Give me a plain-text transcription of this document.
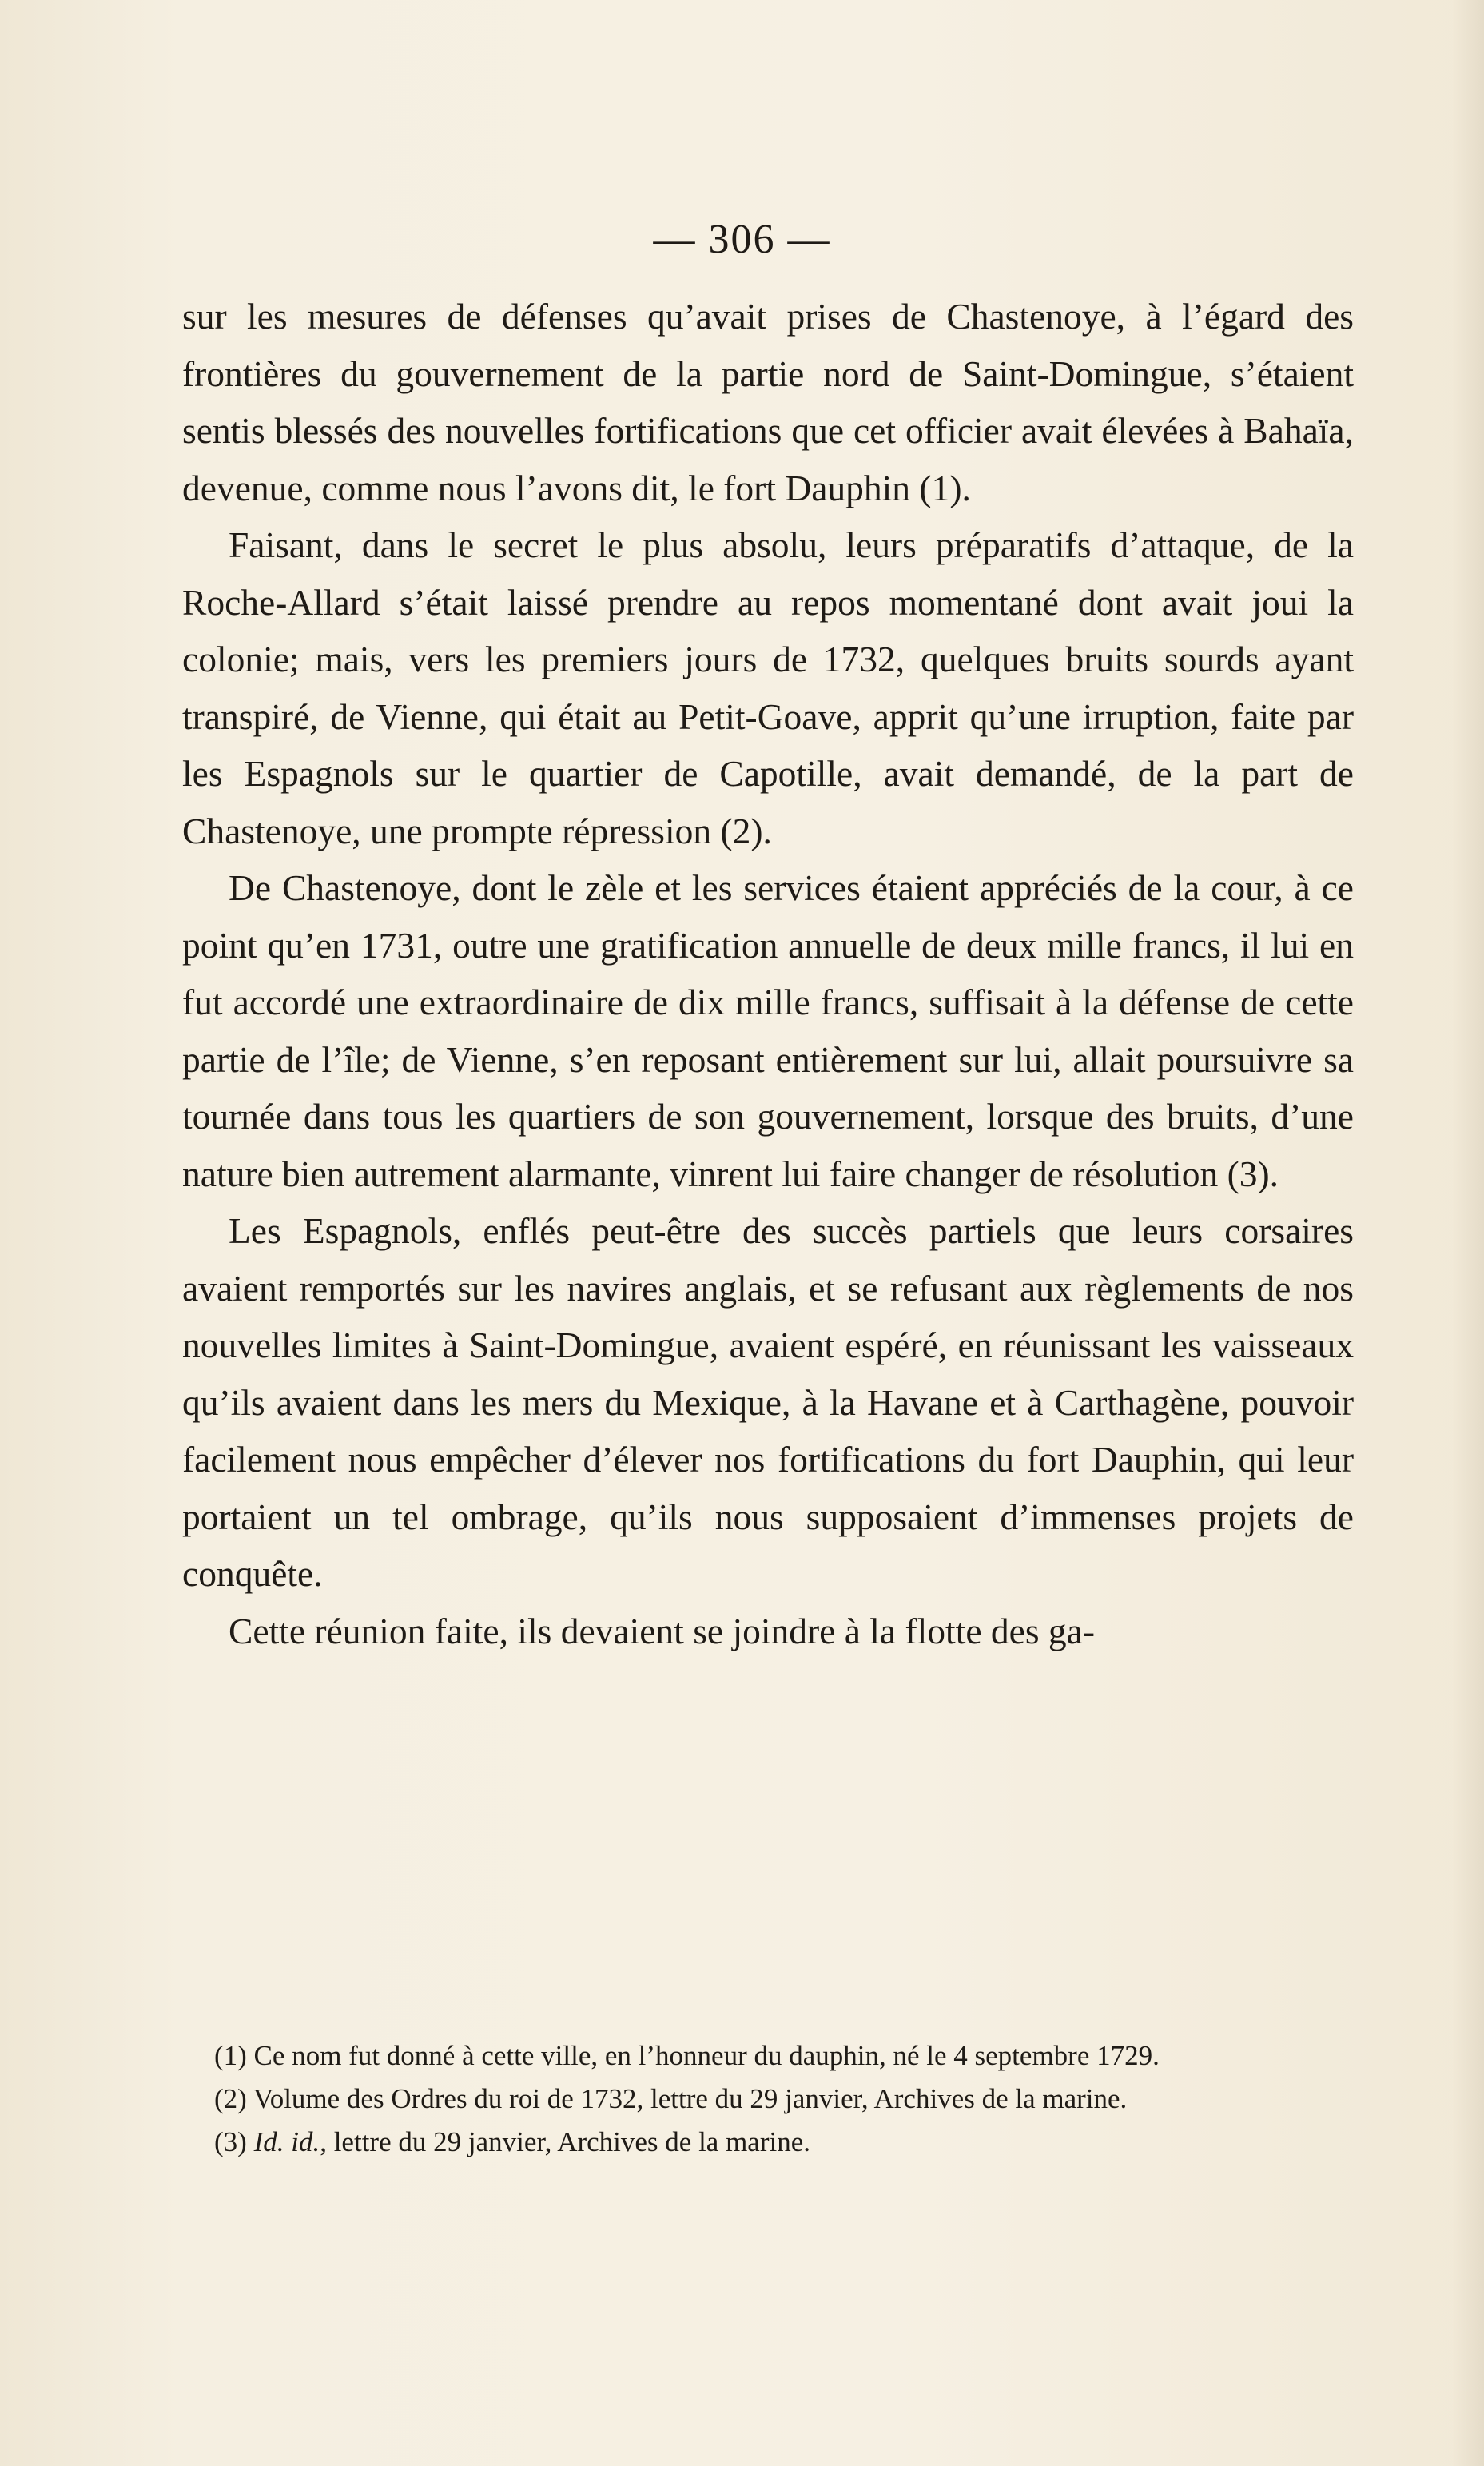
— 306 —

sur les mesures de défenses qu’avait prises de Chastenoye, à l’égard des frontières du gouvernement de la partie nord de Saint-Domingue, s’étaient sentis blessés des nouvelles fortifications que cet officier avait élevées à Bahaïa, devenue, comme nous l’avons dit, le fort Dauphin (1).

Faisant, dans le secret le plus absolu, leurs préparatifs d’attaque, de la Roche-Allard s’était laissé prendre au repos momentané dont avait joui la colonie; mais, vers les premiers jours de 1732, quelques bruits sourds ayant transpiré, de Vienne, qui était au Petit-Goave, apprit qu’une irruption, faite par les Espagnols sur le quartier de Capotille, avait demandé, de la part de Chastenoye, une prompte répression (2).

De Chastenoye, dont le zèle et les services étaient appréciés de la cour, à ce point qu’en 1731, outre une gratification annuelle de deux mille francs, il lui en fut accordé une extraordinaire de dix mille francs, suffisait à la défense de cette partie de l’île; de Vienne, s’en reposant entièrement sur lui, allait poursuivre sa tournée dans tous les quartiers de son gouvernement, lorsque des bruits, d’une nature bien autrement alarmante, vinrent lui faire changer de résolution (3).

Les Espagnols, enflés peut-être des succès partiels que leurs corsaires avaient remportés sur les navires anglais, et se refusant aux règlements de nos nouvelles limites à Saint-Domingue, avaient espéré, en réunissant les vaisseaux qu’ils avaient dans les mers du Mexique, à la Havane et à Carthagène, pouvoir facilement nous empêcher d’élever nos fortifications du fort Dauphin, qui leur portaient un tel ombrage, qu’ils nous supposaient d’immenses projets de conquête.

Cette réunion faite, ils devaient se joindre à la flotte des ga-

(1) Ce nom fut donné à cette ville, en l’honneur du dauphin, né le 4 septembre 1729.

(2) Volume des Ordres du roi de 1732, lettre du 29 janvier, Archives de la marine.

(3) Id. id., lettre du 29 janvier, Archives de la marine.
